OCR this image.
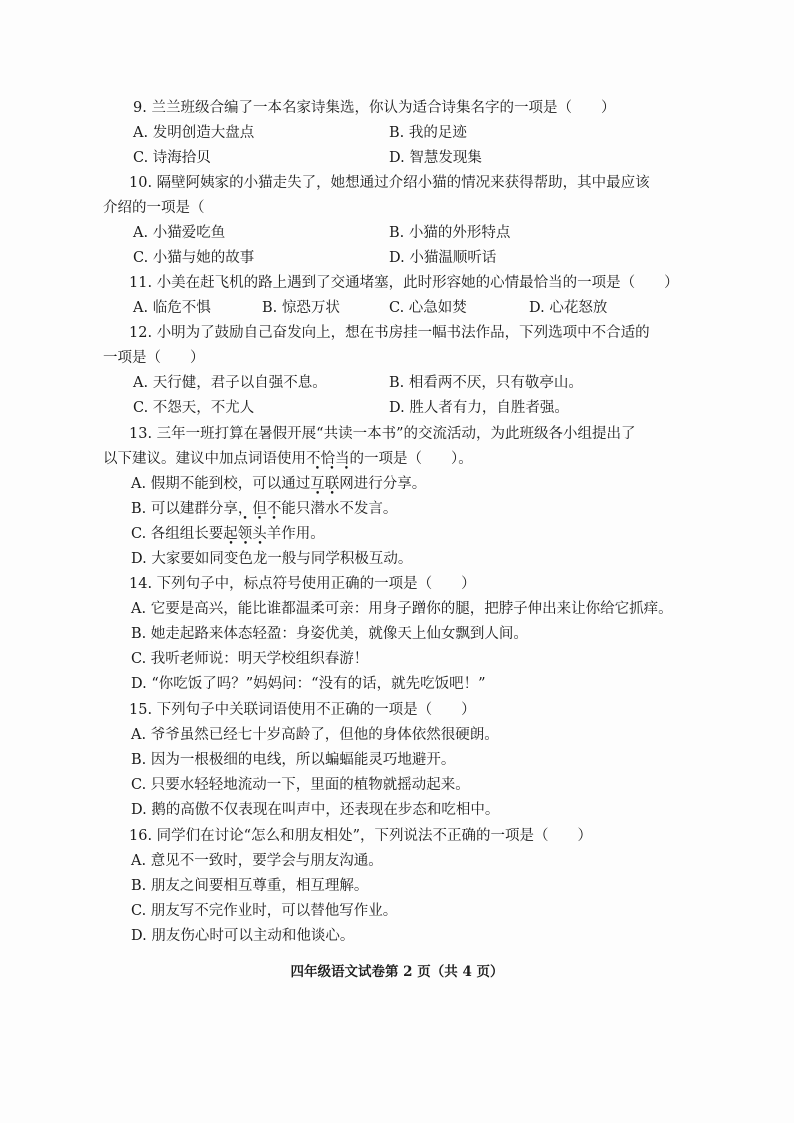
9. 兰兰班级合编了一本名家诗集选，你认为适合诗集名字的一项是（　　）
A. 发明创造大盘点	B. 我的足迹
C. 诗海拾贝	D. 智慧发现集
10. 隔壁阿姨家的小猫走失了，她想通过介绍小猫的情况来获得帮助，其中最应该
介绍的一项是（
A. 小猫爱吃鱼	B. 小猫的外形特点
C. 小猫与她的故事	D. 小猫温顺听话
11. 小美在赶飞机的路上遇到了交通堵塞，此时形容她的心情最恰当的一项是（　　）
A. 临危不惧	B. 惊恐万状	C. 心急如焚	D. 心花怒放
12. 小明为了鼓励自己奋发向上，想在书房挂一幅书法作品，下列选项中不合适的
一项是（　　）
A. 天行健，君子以自强不息。	B. 相看两不厌，只有敬亭山。
C. 不怨天，不尤人	D. 胜人者有力，自胜者强。
13. 三年一班打算在暑假开展“共读一本书”的交流活动，为此班级各小组提出了
以下建议。建议中加点词语使用不恰当的一项是（　　）。
A. 假期不能到校，可以通过互联网进行分享。
B. 可以建群分享，但不能只潜水不发言。
C. 各组组长要起领头羊作用。
D. 大家要如同变色龙一般与同学积极互动。
14. 下列句子中，标点符号使用正确的一项是（　　）
A. 它要是高兴，能比谁都温柔可亲：用身子蹭你的腿，把脖子伸出来让你给它抓痒。
B. 她走起路来体态轻盈：身姿优美，就像天上仙女飘到人间。
C. 我听老师说：明天学校组织春游！
D. “你吃饭了吗？”妈妈问：“没有的话，就先吃饭吧！”
15. 下列句子中关联词语使用不正确的一项是（　　）
A. 爷爷虽然已经七十岁高龄了，但他的身体依然很硬朗。
B. 因为一根极细的电线，所以蝙蝠能灵巧地避开。
C. 只要水轻轻地流动一下，里面的植物就摇动起来。
D. 鹅的高傲不仅表现在叫声中，还表现在步态和吃相中。
16. 同学们在讨论“怎么和朋友相处”，下列说法不正确的一项是（　　）
A. 意见不一致时，要学会与朋友沟通。
B. 朋友之间要相互尊重，相互理解。
C. 朋友写不完作业时，可以替他写作业。
D. 朋友伤心时可以主动和他谈心。
四年级语文试卷第 2 页（共 4 页）
